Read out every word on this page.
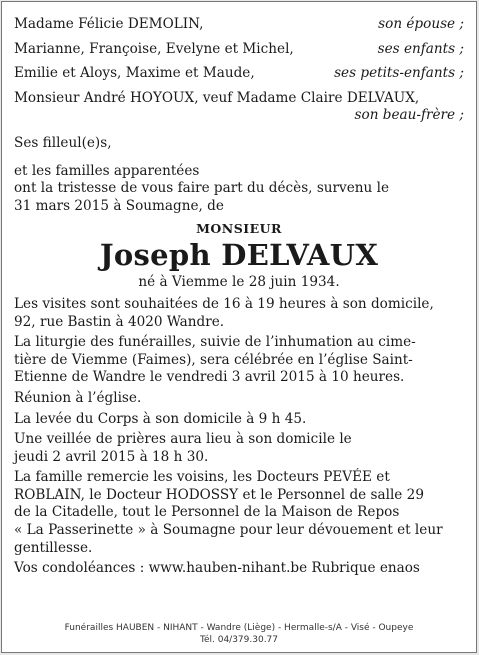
Madame Félicie DEMOLIN,	son épouse ;
Marianne, Françoise, Evelyne et Michel,	ses enfants ;
Emilie et Aloys, Maxime et Maude,	ses petits-enfants ;
Monsieur André HOYOUX, veuf Madame Claire DELVAUX,
son beau-frère ;
Ses filleul(e)s,
et les familles apparentées
ont la tristesse de vous faire part du décès, survenu le
31 mars 2015 à Soumagne, de
MONSIEUR
Joseph DELVAUX
né à Viemme le 28 juin 1934.
Les visites sont souhaitées de 16 à 19 heures à son domicile,
92, rue Bastin à 4020 Wandre.
La liturgie des funérailles, suivie de l’inhumation au cime-
tière de Viemme (Faimes), sera célébrée en l’église Saint-
Etienne de Wandre le vendredi 3 avril 2015 à 10 heures.
Réunion à l’église.
La levée du Corps à son domicile à 9 h 45.
Une veillée de prières aura lieu à son domicile le
jeudi 2 avril 2015 à 18 h 30.
La famille remercie les voisins, les Docteurs PEVÉE et
ROBLAIN, le Docteur HODOSSY et le Personnel de salle 29
de la Citadelle, tout le Personnel de la Maison de Repos
« La Passerinette » à Soumagne pour leur dévouement et leur
gentillesse.
Vos condoléances : www.hauben-nihant.be Rubrique enaos
Funérailles HAUBEN - NIHANT - Wandre (Liège) - Hermalle-s/A - Visé - Oupeye
Tél. 04/379.30.77
